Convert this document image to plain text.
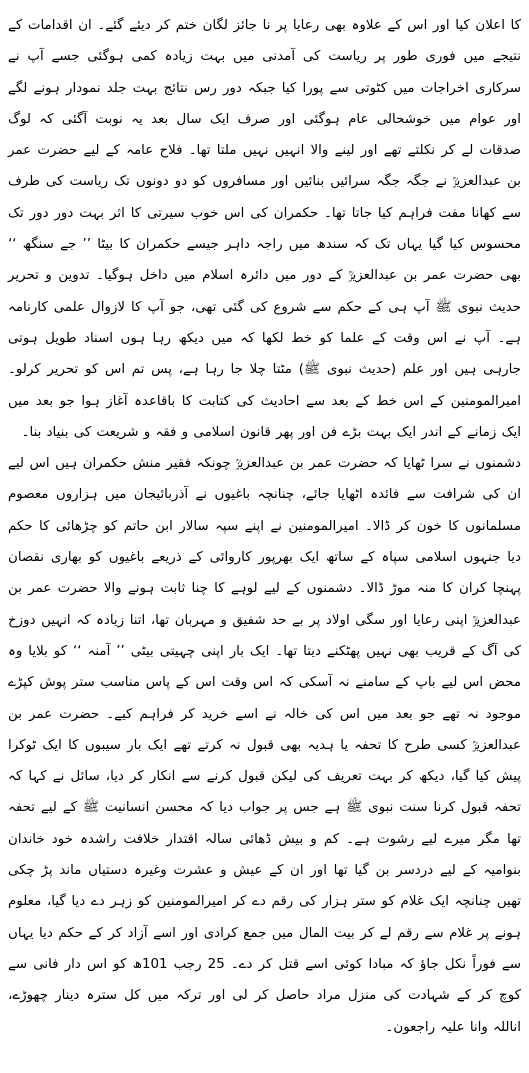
کا اعلان کیا اور اس کے علاوہ بھی رعایا پر نا جائز لگان ختم کر دیئے گئے۔ ان اقدامات کے نتیجے میں فوری طور پر ریاست کی آمدنی میں بہت زیادہ کمی ہوگئی جسے آپ نے سرکاری اخراجات میں کٹوتی سے پورا کیا جبکہ دور رس نتائج بہت جلد نمودار ہونے لگے اور عوام میں خوشحالی عام ہوگئی اور صرف ایک سال بعد یہ نوبت آگئی کہ لوگ صدقات لے کر نکلتے تھے اور لینے والا انہیں نہیں ملتا تھا۔ فلاح عامہ کے لیے حضرت عمر بن عبدالعزیزؒ نے جگہ جگہ سرائیں بنائیں اور مسافروں کو دو دونوں تک ریاست کی طرف سے کھانا مفت فراہم کیا جاتا تھا۔ حکمران کی اس خوب سیرتی کا اثر بہت دور دور تک محسوس کیا گیا یہاں تک کہ سندھ میں راجہ داہر جیسے حکمران کا بیٹا ’’ جے سنگھ ‘‘ بھی حضرت عمر بن عبدالعزیزؒ کے دور میں دائرہ اسلام میں داخل ہوگیا۔ تدوین و تحریر حدیث نبوی ﷺ آپ ہی کے حکم سے شروع کی گئی تھی، جو آپ کا لازوال علمی کارنامہ ہے۔ آپ نے اس وقت کے علما کو خط لکھا کہ میں دیکھ رہا ہوں اسناد طویل ہوتی جارہی ہیں اور علم (حدیث نبوی ﷺ) مٹتا چلا جا رہا ہے، پس تم اس کو تحریر کرلو۔ امیرالمومنین کے اس خط کے بعد سے احادیث کی کتابت کا باقاعدہ آغاز ہوا جو بعد میں ایک زمانے کے اندر ایک بہت بڑے فن اور پھر قانون اسلامی و فقہ و شریعت کی بنیاد بنا۔

دشمنوں نے سرا ٹھایا کہ حضرت عمر بن عبدالعزیزؒ چونکہ فقیر منش حکمران ہیں اس لیے ان کی شرافت سے فائدہ اٹھایا جائے، چنانچہ باغیوں نے آذربائیجان میں ہزاروں معصوم مسلمانوں کا خون کر ڈالا۔ امیرالمومنین نے اپنے سپہ سالار ابن حاتم کو چڑھائی کا حکم دیا جنہوں اسلامی سپاہ کے ساتھ ایک بھرپور کاروائی کے ذریعے باغیوں کو بھاری نقصان پہنچا کران کا منہ موڑ ڈالا۔ دشمنوں کے لیے لوہے کا چنا ثابت ہونے والا حضرت عمر بن عبدالعزیزؒ اپنی رعایا اور سگی اولاد پر بے حد شفیق و مہربان تھا، اتنا زیادہ کہ انہیں دوزخ کی آگ کے قریب بھی نہیں پھٹکنے دیتا تھا۔ ایک بار اپنی چہیتی بیٹی ’’ آمنہ ‘‘ کو بلایا وہ محض اس لیے باپ کے سامنے نہ آسکی کہ اس وقت اس کے پاس مناسب ستر پوش کپڑے موجود نہ تھے جو بعد میں اس کی خالہ نے اسے خرید کر فراہم کیے۔ حضرت عمر بن عبدالعزیزؒ کسی طرح کا تحفہ یا ہدیہ بھی قبول نہ کرتے تھے ایک بار سیبوں کا ایک ٹوکرا پیش کیا گیا، دیکھ کر بہت تعریف کی لیکن قبول کرنے سے انکار کر دیا، سائل نے کہا کہ تحفہ قبول کرنا سنت نبوی ﷺ ہے جس پر جواب دیا کہ محسن انسانیت ﷺ کے لیے تحفہ تھا مگر میرے لیے رشوت ہے۔ کم و بیش ڈھائی سالہ اقتدار خلافت راشدہ خود خاندان بنوامیہ کے لیے دردسر بن گیا تھا اور ان کے عیش و عشرت وغیرہ دستیاں ماند پڑ چکی تھیں چنانچہ ایک غلام کو ستر ہزار کی رقم دے کر امیرالمومنین کو زہر دے دیا گیا، معلوم ہونے پر غلام سے رقم لے کر بیت المال میں جمع کرادی اور اسے آزاد کر کے حکم دیا یہاں سے فوراً نکل جاؤ کہ مبادا کوئی اسے قتل کر دے۔ 25 رجب 101ھ کو اس دار فانی سے کوچ کر کے شہادت کی منزل مراد حاصل کر لی اور ترکہ میں کل سترہ دینار چھوڑے، اناللہ وانا علیہ راجعون۔
